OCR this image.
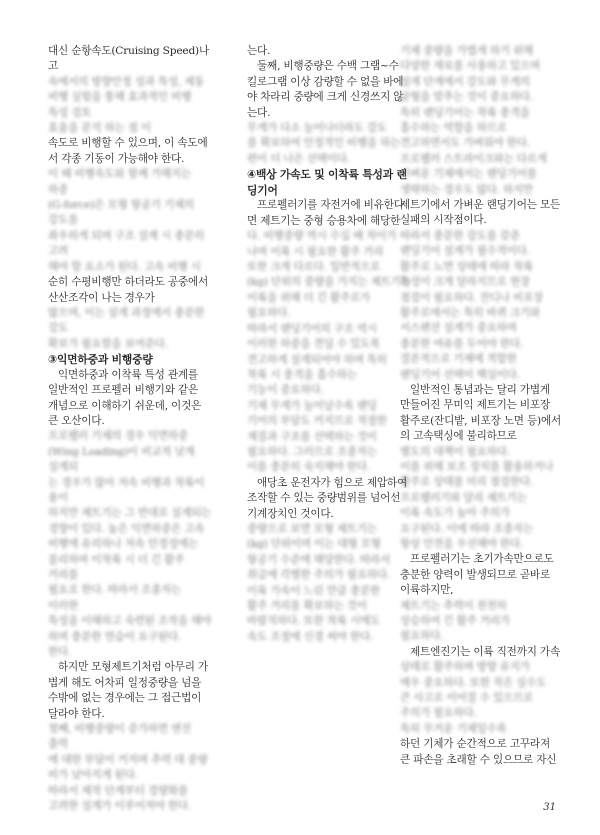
대신 순항속도(Cruising Speed)나 고

속에서의 방향안정 성과 특성, 제동
비행 실험을 통해 효과적인 비행 특성 검토
효율을 분석 하는 점 이

속도로 비행할 수 있으며, 이 속도에

서 각종 기동이 가능해야 한다.

이 때 비행속도와 함께 가해지는 하중
(G-force)은 모형 항공기 기체의 강도를
좌우하게 되며 구조 설계 시 충분히 고려
해야 할 요소가 된다. 고속 비행 시

순히 수평비행만 하더라도 공중에서

산산조각이 나는 경우가

많으며, 이는 설계 과정에서 충분한 강도
확보가 필요함을 보여준다.

③익면하중과 비행중량

익면하중과 이착륙 특성 관계를

일반적인 프로펠러 비행기와 같은

개념으로 이해하기 쉬운데, 이것은

큰 오산이다.

프로펠러 기체의 경우 익면하중
(Wing Loading)이 비교적 낮게 설계되
는 경우가 많아 저속 비행과 착륙이 용이
하지만 제트기는 그 반대로 설계되는
경향이 있다. 높은 익면하중은 고속
비행에 유리하나 저속 안정성에는
불리하며 이착륙 시 더 긴 활주 거리를
필요로 한다. 따라서 조종자는 이러한
특성을 이해하고 숙련된 조작을 해야
하며 충분한 연습이 요구된다.
한다.

하지만 모형제트기처럼 아무리 가

볍게 해도 어차피 일정중량을 넘을

수밖에 없는 경우에는 그 접근법이

달라야 한다.

첫째, 비행중량이 증가하면 엔진 출력
에 대한 부담이 커지며 추력 대 중량
비가 낮아지게 된다.
따라서 제작 단계부터 경량화를
고려한 설계가 이루어져야 한다.

는다.

둘째, 비행중량은 수백 그램~수

킬로그램 이상 감량할 수 없을 바에

야 차라리 중량에 크게 신경쓰지 않

는다.

무게가 다소 늘어나더라도 강도
를 확보하여 안정적인 비행을 하는
편이 더 나은 선택이다.

④백상 가속도 및 이착륙 특성과 랜

딩기어

프로펠러기를 자전거에 비유한다

면 제트기는 중형 승용차에 해당한

다. 비행중량 역시 수십 배 차이가
나며 이륙 시 필요한 활주 거리
또한 크게 다르다. 일반적으로
(kg) 단위의 중량을 가지는 제트기는
이륙을 위해 더 긴 활주로가
필요하다.
따라서 랜딩기어의 구조 역시
이러한 하중을 견딜 수 있도록
견고하게 설계되어야 하며 특히
착륙 시 충격을 흡수하는
기능이 중요하다.
기체 무게가 늘어날수록 랜딩
기어의 부담도 커지므로 적절한
재질과 구조를 선택하는 것이
필요하다. 그러므로 조종자는
이를 충분히 숙지해야 한다.

애당초 운전자가 힘으로 제압하여

조작할 수 있는 중량범위를 넘어선

기계장치인 것이다.

중량으로 보면 모형 제트기는
(kg) 단위이며 이는 대형 모형
항공기 수준에 해당한다. 따라서
취급에 각별한 주의가 필요하다.
이륙 가속이 느린 만큼 충분한
활주 거리를 확보하는 것이
바람직하다. 또한 착륙 시에도
속도 조절에 신경 써야 한다.
기체 중량을 가볍게 하기 위해
다양한 재료를 사용하고 있으며
설계 단계에서 강도와 무게의
균형을 맞추는 것이 중요하다.
특히 랜딩기어는 착륙 충격을
흡수하는 역할을 하므로
견고하면서도 가벼워야 한다.
프로펠러 스트라이크와는 다르게
가벼운 기체에서는 랜딩기어를
생략하는 경우도 많다. 하지만

제트기에서 가벼운 랜딩기어는 모든

실패의 시작점이다.

따라서 충분한 강도를 갖춘
랜딩기어 설계가 필수적이다.
활주로 노면 상태에 따라 착륙
특성이 크게 달라지므로 현장
점검이 필요하다. 잔디나 비포장
활주로에서는 특히 바퀴 크기와
서스펜션 설계가 중요하며
충분한 여유를 두어야 한다.
결론적으로 기체에 적합한
랜딩기어 선택이 핵심이다.

일반적인 통념과는 달리 가볍게

만들어진 무미익 제트기는 비포장

활주로(잔디밭, 비포장 노면 등)에서

의 고속택싱에 불리하므로

별도의 대책이 필요하다.
이를 위해 보조 장치를 활용하거나
활주로 상태를 미리 점검한다.
프로펠러기와 달리 제트기는
이륙 속도가 높아 주의가
요구된다. 이에 따라 조종자는
항상 안전을 우선해야 한다.

프로펠러기는 초기가속만으로도

충분한 양력이 발생되므로 곧바로

이륙하지만,

제트기는 추력이 천천히
상승하여 긴 활주 거리가
필요하다.

제트엔진기는 이륙 직전까지 가속

상태로 활주하며 방향 유지가
매우 중요하다. 또한 작은 실수도
큰 사고로 이어질 수 있으므로
주의가 필요하다.
특히 무거운 기체일수록

하던 기체가 순간적으로 고꾸라져

큰 파손을 초래할 수 있으므로 자신

31
